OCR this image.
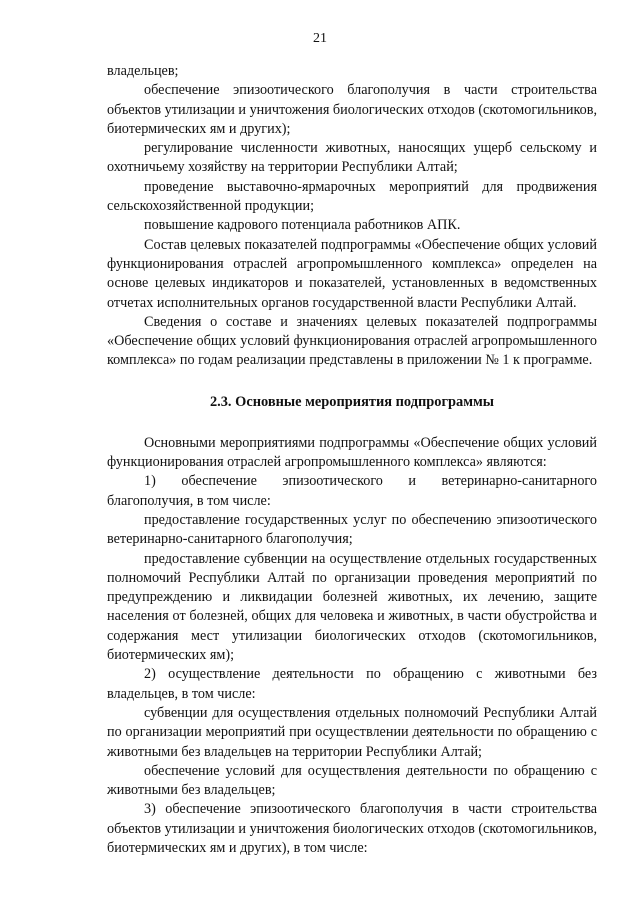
21

владельцев;

обеспечение эпизоотического благополучия в части строительства объектов утилизации и уничтожения биологических отходов (скотомогильников, биотермических ям и других);

регулирование численности животных, наносящих ущерб сельскому и охотничьему хозяйству на территории Республики Алтай;

проведение выставочно-ярмарочных мероприятий для продвижения сельскохозяйственной продукции;

повышение кадрового потенциала работников АПК.

Состав целевых показателей подпрограммы «Обеспечение общих условий функционирования отраслей агропромышленного комплекса» определен на основе целевых индикаторов и показателей, установленных в ведомственных отчетах исполнительных органов государственной власти Республики Алтай.

Сведения о составе и значениях целевых показателей подпрограммы «Обеспечение общих условий функционирования отраслей агропромышленного комплекса» по годам реализации представлены в приложении № 1 к программе.

2.3. Основные мероприятия подпрограммы

Основными мероприятиями подпрограммы «Обеспечение общих условий функционирования отраслей агропромышленного комплекса» являются:

1) обеспечение эпизоотического и ветеринарно-санитарного благополучия, в том числе:

предоставление государственных услуг по обеспечению эпизоотического ветеринарно-санитарного благополучия;

предоставление субвенции на осуществление отдельных государственных полномочий Республики Алтай по организации проведения мероприятий по предупреждению и ликвидации болезней животных, их лечению, защите населения от болезней, общих для человека и животных, в части обустройства и содержания мест утилизации биологических отходов (скотомогильников, биотермических ям);

2) осуществление деятельности по обращению с животными без владельцев, в том числе:

субвенции для осуществления отдельных полномочий Республики Алтай по организации мероприятий при осуществлении деятельности по обращению с животными без владельцев на территории Республики Алтай;

обеспечение условий для осуществления деятельности по обращению с животными без владельцев;

3) обеспечение эпизоотического благополучия в части строительства объектов утилизации и уничтожения биологических отходов (скотомогильников, биотермических ям и других), в том числе:
